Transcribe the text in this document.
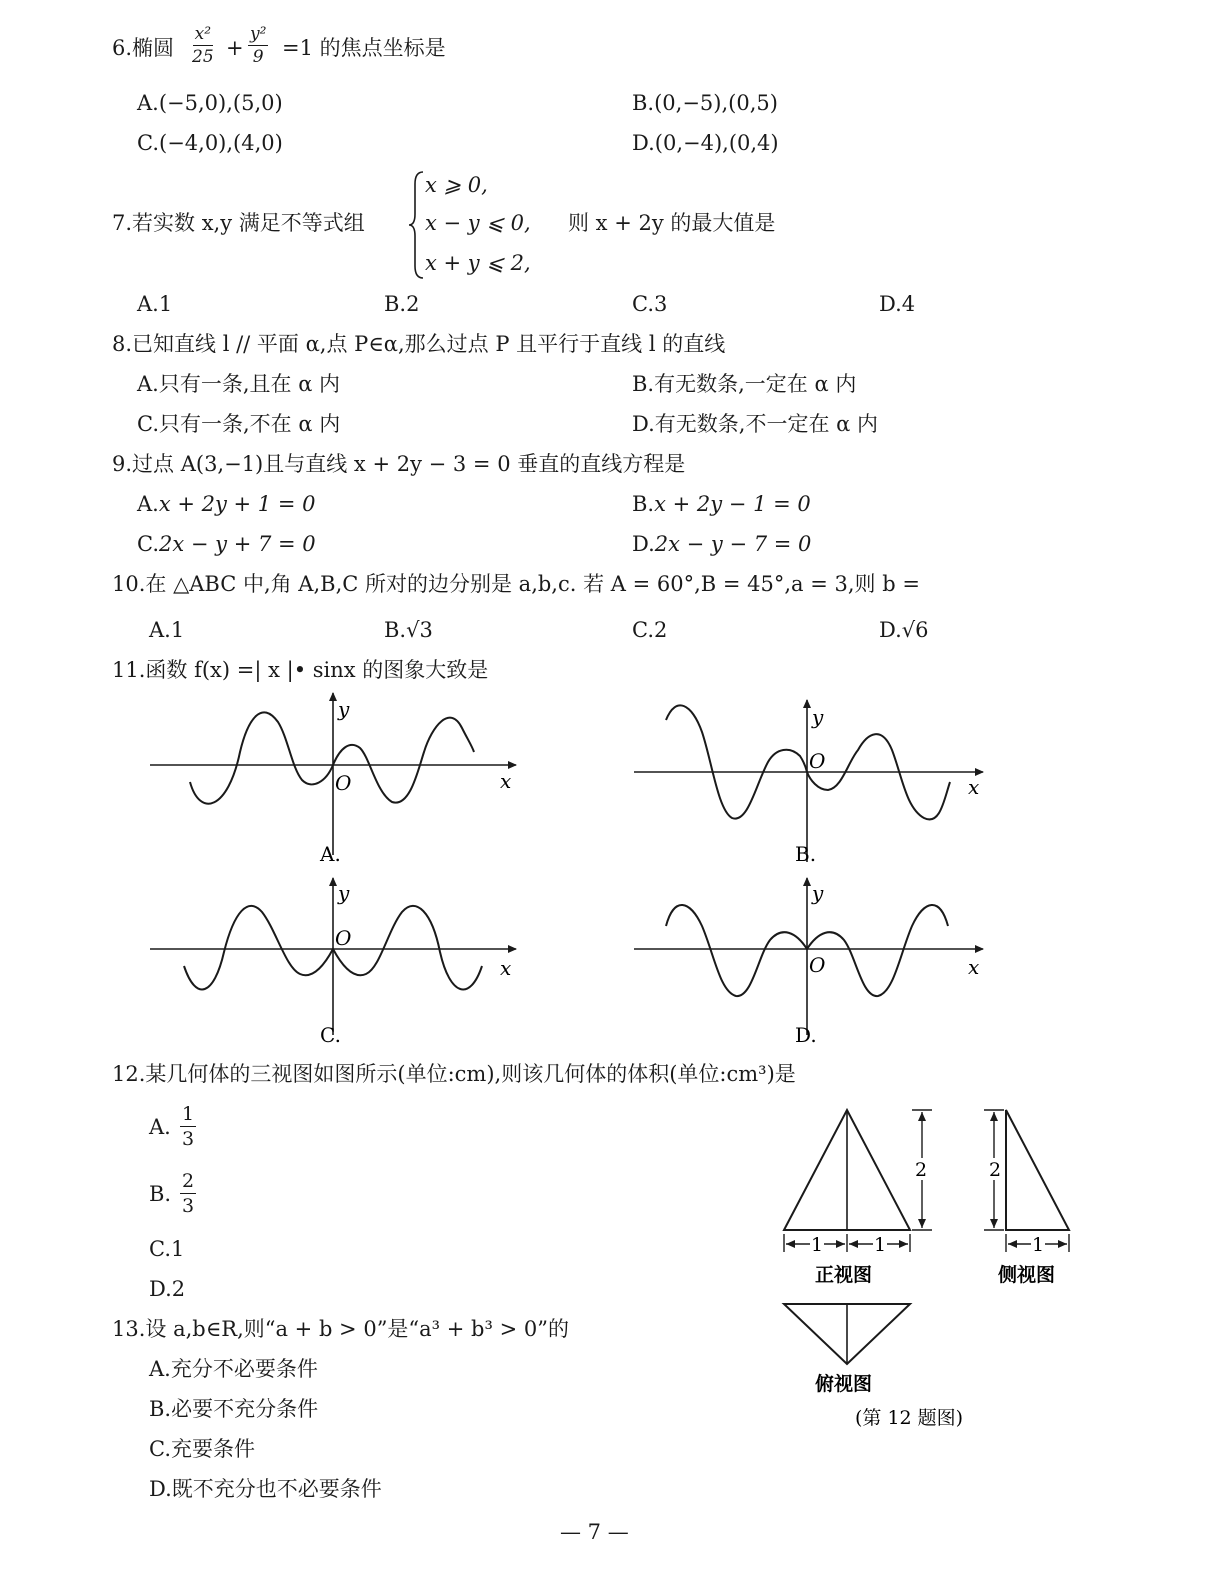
6.椭圆 $\frac{\text{x²}}{25} + \frac{\text{y²}}{9} =1$ 的焦点坐标是
A.(−5,0),(5,0)	B.(0,−5),(0,5)
C.(−4,0),(4,0)	D.(0,−4),(0,4)
7.若实数 x,y 满足不等式组
x ⩾ 0,
x − y ⩽ 0,
x + y ⩽ 2,
则 x + 2y 的最大值是
A.1	B.2	C.3	D.4
8.已知直线 l // 平面 α,点 P∈α,那么过点 P 且平行于直线 l 的直线
A.只有一条,且在 α 内	B.有无数条,一定在 α 内
C.只有一条,不在 α 内	D.有无数条,不一定在 α 内
9.过点 A(3,−1)且与直线 x + 2y − 3 = 0 垂直的直线方程是
A.x + 2y + 1 = 0	B.x + 2y − 1 = 0
C.2x − y + 7 = 0	D.2x − y − 7 = 0
10.在 △ABC 中,角 A,B,C 所对的边分别是 a,b,c. 若 A = 60°,B = 45°,a = 3,则 b =
A.1	B.√3	C.2	D.√6
11.函数 f(x) =| x |• sinx 的图象大致是
O	x
y
A.
O
x
y
B.
O
x
y
C.
O	x
y
D.
12.某几何体的三视图如图所示(单位:cm),则该几何体的体积(单位:cm³)是
A. $\frac{1}{3}$
B. $\frac{2}{3}$
C.1
D.2
2
1	1
正视图
2
1
侧视图
俯视图
(第 12 题图)
13.设 a,b∈R,则“a + b > 0”是“a³ + b³ > 0”的
A.充分不必要条件
B.必要不充分条件
C.充要条件
D.既不充分也不必要条件
— 7 —
